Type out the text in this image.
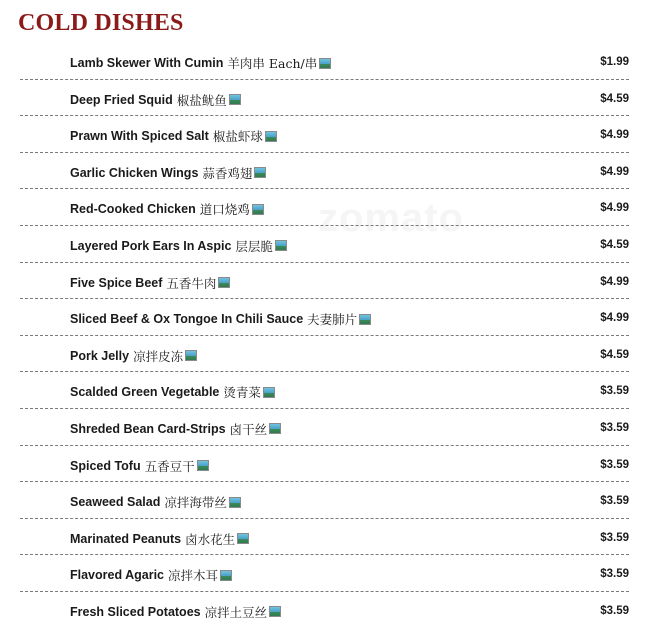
COLD DISHES
zomato
Lamb Skewer With Cumin 羊肉串 Each/串	$1.99
Deep Fried Squid 椒盐鱿鱼	$4.59
Prawn With Spiced Salt 椒盐虾球	$4.99
Garlic Chicken Wings 蒜香鸡翅	$4.99
Red-Cooked Chicken 道口烧鸡	$4.99
Layered Pork Ears In Aspic 层层脆	$4.59
Five Spice Beef 五香牛肉	$4.99
Sliced Beef & Ox Tongoe In Chili Sauce 夫妻肺片	$4.99
Pork Jelly 凉拌皮冻	$4.59
Scalded Green Vegetable 烫青菜	$3.59
Shreded Bean Card-Strips 卤干丝	$3.59
Spiced Tofu 五香豆干	$3.59
Seaweed Salad 凉拌海带丝	$3.59
Marinated Peanuts 卤水花生	$3.59
Flavored Agaric 凉拌木耳	$3.59
Fresh Sliced Potatoes 凉拌土豆丝	$3.59
